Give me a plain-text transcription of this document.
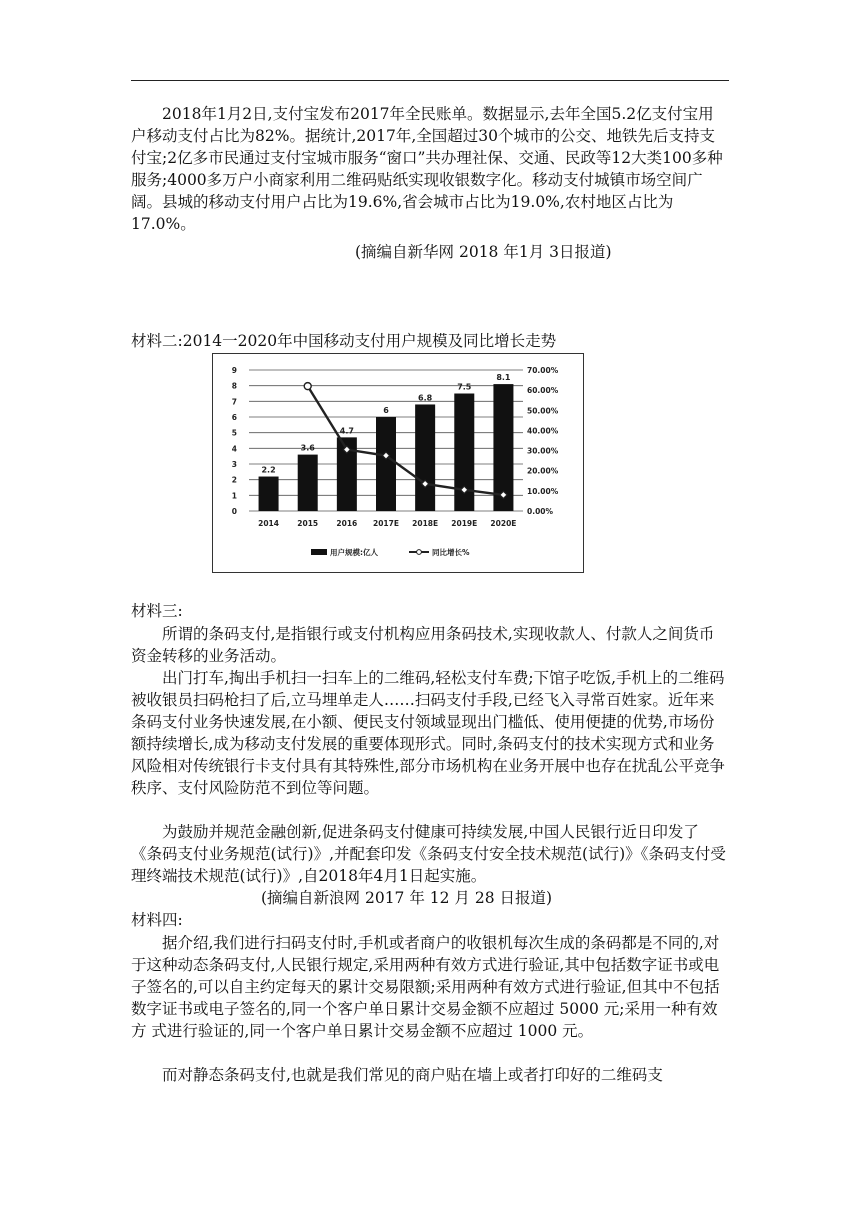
2018年1月2日,支付宝发布2017年全民账单。数据显示,去年全国5.2亿支付宝用户移动支付占比为82%。据统计,2017年,全国超过30个城市的公交、地铁先后支持支付宝;2亿多市民通过支付宝城市服务“窗口”共办理社保、交通、民政等12大类100多种服务;4000多万户小商家利用二维码贴纸实现收银数字化。移动支付城镇市场空间广阔。县城的移动支付用户占比为19.6%,省会城市占比为19.0%,农村地区占比为17.0%。

(摘编自新华网 2018 年1月 3日报道)
材料二:2014一2020年中国移动支付用户规模及同比增长走势
0
1
2
3
4
5
6
7
8
9
0.00%
10.00%
20.00%
30.00%
40.00%
50.00%
60.00%
70.00%
2.2
2014
3.6
2015
4.7
2016
6
2017E
6.8
2018E
7.5
2019E
8.1
2020E
用户规模:亿人	同比增长%
材料三:

所谓的条码支付,是指银行或支付机构应用条码技术,实现收款人、付款人之间货币资金转移的业务活动。

出门打车,掏出手机扫一扫车上的二维码,轻松支付车费;下馆子吃饭,手机上的二维码被收银员扫码枪扫了后,立马埋单走人……扫码支付手段,已经飞入寻常百姓家。近年来条码支付业务快速发展,在小额、便民支付领域显现出门槛低、使用便捷的优势,市场份额持续增长,成为移动支付发展的重要体现形式。同时,条码支付的技术实现方式和业务风险相对传统银行卡支付具有其特殊性,部分市场机构在业务开展中也存在扰乱公平竞争秩序、支付风险防范不到位等问题。

为鼓励并规范金融创新,促进条码支付健康可持续发展,中国人民银行近日印发了《条码支付业务规范(试行)》,并配套印发《条码支付安全技术规范(试行)》《条码支付受理终端技术规范(试行)》,自2018年4月1日起实施。

(摘编自新浪网 2017 年 12 月 28 日报道)
材料四:

据介绍,我们进行扫码支付时,手机或者商户的收银机每次生成的条码都是不同的,对于这种动态条码支付,人民银行规定,采用两种有效方式进行验证,其中包括数字证书或电子签名的,可以自主约定每天的累计交易限额;采用两种有效方式进行验证,但其中不包括数字证书或电子签名的,同一个客户单日累计交易金额不应超过 5000 元;采用一种有效方 式进行验证的,同一个客户单日累计交易金额不应超过 1000 元。

而对静态条码支付,也就是我们常见的商户贴在墙上或者打印好的二维码支
